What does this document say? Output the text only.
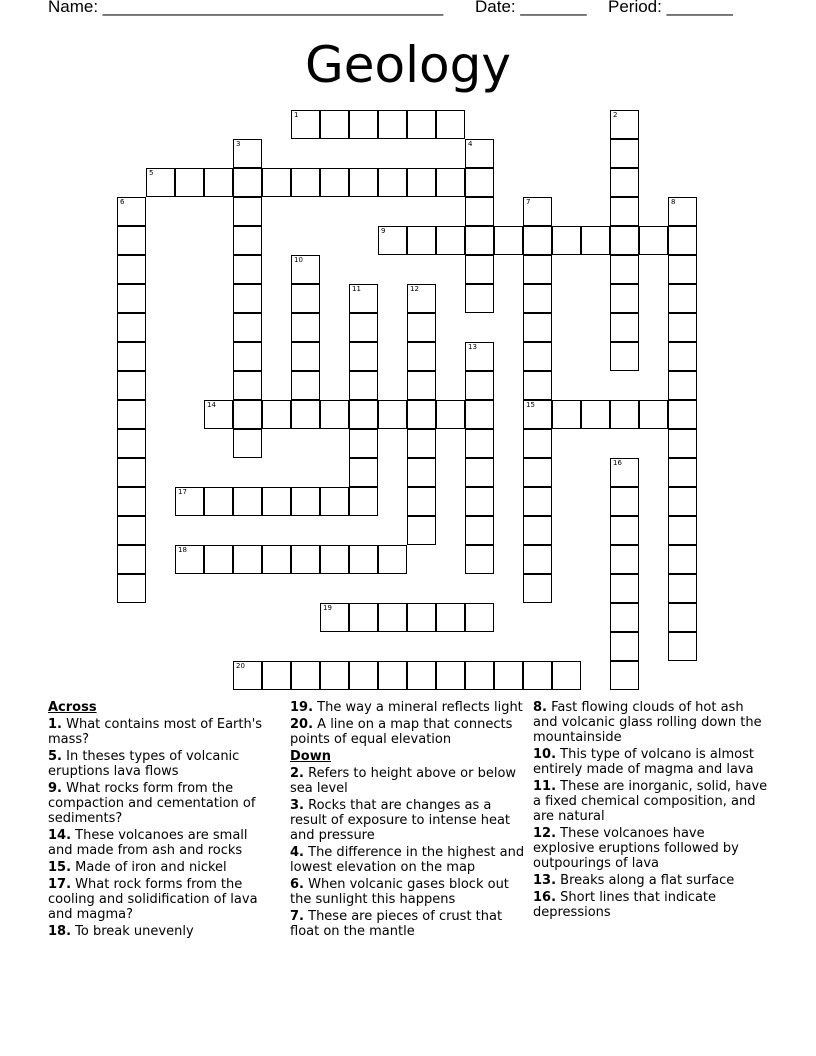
Name: ____________________________________ Date: _______ Period: _______
Geology
1
5
9
14	15
17
18
19
20
2
3	4
6	7	8
10
11	12
13
16
Across
1. What contains most of Earth's mass?
5. In theses types of volcanic eruptions lava flows
9. What rocks form from the compaction and cementation of sediments?
14. These volcanoes are small and made from ash and rocks
15. Made of iron and nickel
17. What rock forms from the cooling and solidification of lava and magma?
18. To break unevenly
19. The way a mineral reflects light
20. A line on a map that connects points of equal elevation
Down
2. Refers to height above or below sea level
3. Rocks that are changes as a result of exposure to intense heat and pressure
4. The difference in the highest and lowest elevation on the map
6. When volcanic gases block out the sunlight this happens
7. These are pieces of crust that float on the mantle
8. Fast flowing clouds of hot ash and volcanic glass rolling down the mountainside
10. This type of volcano is almost entirely made of magma and lava
11. These are inorganic, solid, have a fixed chemical composition, and are natural
12. These volcanoes have explosive eruptions followed by outpourings of lava
13. Breaks along a flat surface
16. Short lines that indicate depressions
